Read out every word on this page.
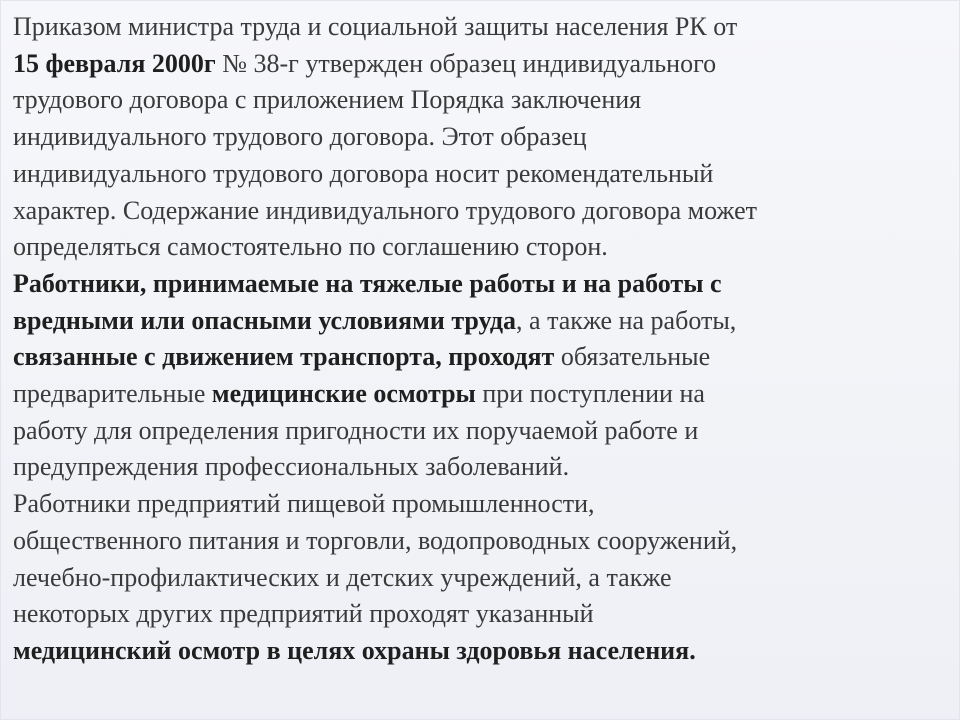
Приказом министра труда и социальной защиты населения РК от
15 февраля 2000г № 38-г утвержден образец индивидуального
трудового договора с приложением Порядка заключения
индивидуального трудового договора. Этот образец
индивидуального трудового договора носит рекомендательный
характер. Содержание индивидуального трудового договора может
определяться самостоятельно по соглашению сторон.
Работники, принимаемые на тяжелые работы и на работы с
вредными или опасными условиями труда, а также на работы,
связанные с движением транспорта, проходят обязательные
предварительные медицинские осмотры при поступлении на
работу для определения пригодности их поручаемой работе и
предупреждения профессиональных заболеваний.
Работники предприятий пищевой промышленности,
общественного питания и торговли, водопроводных сооружений,
лечебно-профилактических и детских учреждений, а также
некоторых других предприятий проходят указанный
медицинский осмотр в целях охраны здоровья населения.
